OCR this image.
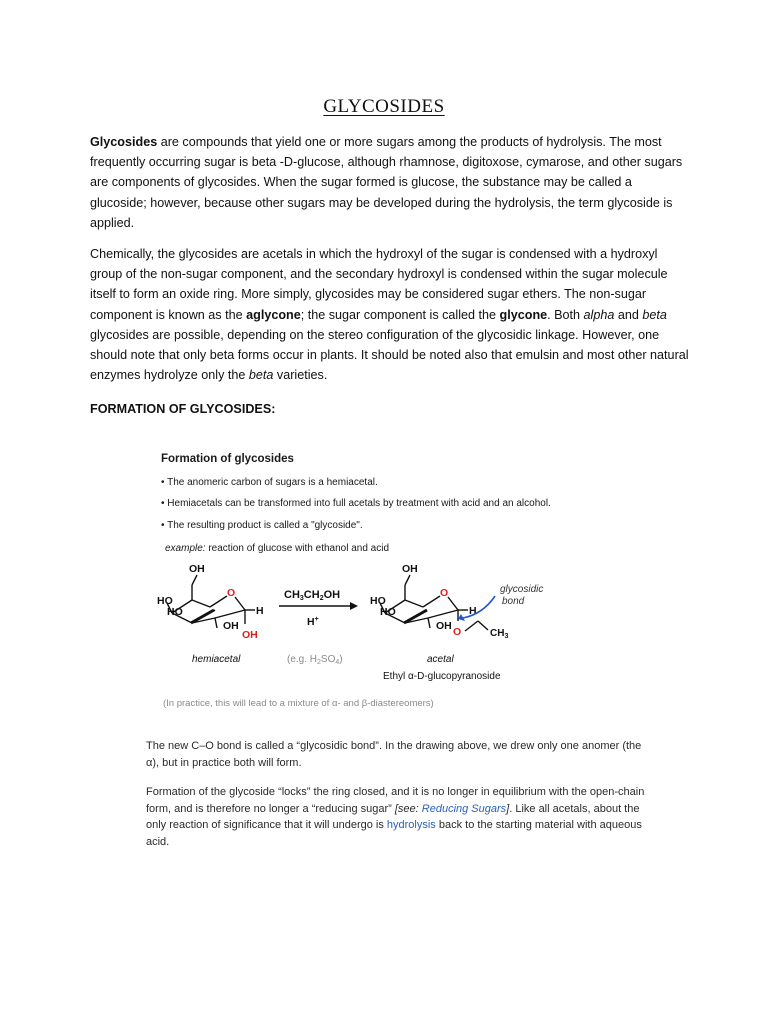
GLYCOSIDES

Glycosides are compounds that yield one or more sugars among the products of hydrolysis. The most frequently occurring sugar is beta -D-glucose, although rhamnose, digitoxose, cymarose, and other sugars are components of glycosides. When the sugar formed is glucose, the substance may be called a glucoside; however, because other sugars may be developed during the hydrolysis, the term glycoside is applied.

Chemically, the glycosides are acetals in which the hydroxyl of the sugar is condensed with a hydroxyl group of the non-sugar component, and the secondary hydroxyl is condensed within the sugar molecule itself to form an oxide ring. More simply, glycosides may be considered sugar ethers. The non-sugar component is known as the aglycone; the sugar component is called the glycone. Both alpha and beta glycosides are possible, depending on the stereo configuration of the glycosidic linkage. However, one should note that only beta forms occur in plants. It should be noted also that emulsin and most other natural enzymes hydrolyze only the beta varieties.

FORMATION OF GLYCOSIDES:
Formation of glycosides
• The anomeric carbon of sugars is a hemiacetal.
• Hemiacetals can be transformed into full acetals by treatment with acid and an alcohol.
• The resulting product is called a "glycoside".
example: reaction of glucose with ethanol and acid
OH
O
HO
HO	H
OH
OH
CH3CH2OH
H+
OH
O
HO
HO	H
OH O	$CH_3$
glycosidic
bond
hemiacetal	(e.g. $H_2SO_4$)	acetal
Ethyl α-D-glucopyranoside
(In practice, this will lead to a mixture of α- and β-diastereomers)

The new C–O bond is called a “glycosidic bond”. In the drawing above, we drew only one anomer (the α), but in practice both will form.

Formation of the glycoside “locks” the ring closed, and it is no longer in equilibrium with the open-chain form, and is therefore no longer a “reducing sugar” [see: Reducing Sugars]. Like all acetals, about the only reaction of significance that it will undergo is hydrolysis back to the starting material with aqueous acid.
